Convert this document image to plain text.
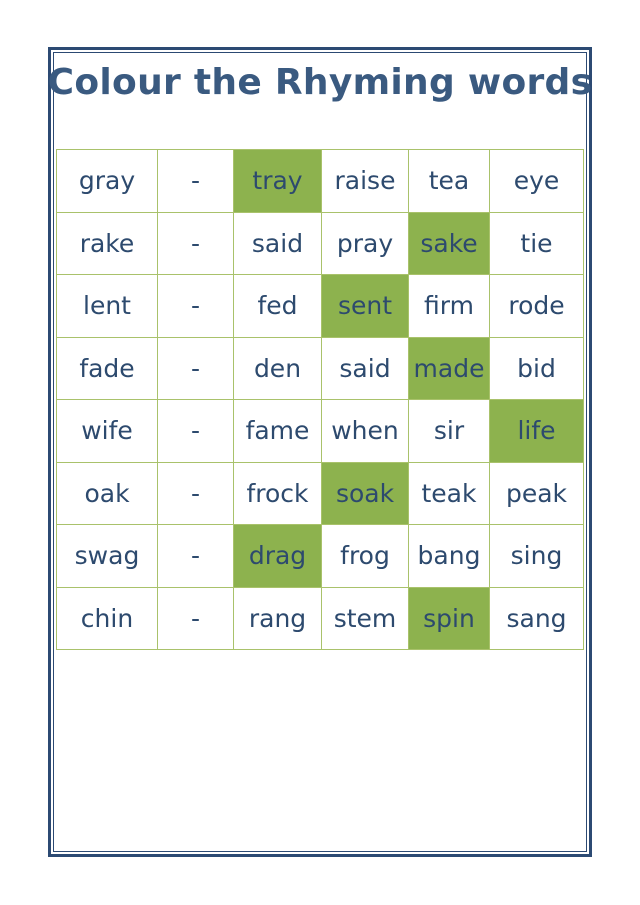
Colour the Rhyming words
gray	-	tray	raise	tea	eye
rake	-	said	pray	sake	tie
lent	-	fed	sent	firm	rode
fade	-	den	said	made	bid
wife	-	fame	when	sir	life
oak	-	frock	soak	teak	peak
swag	-	drag	frog	bang	sing
chin	-	rang	stem	spin	sang
